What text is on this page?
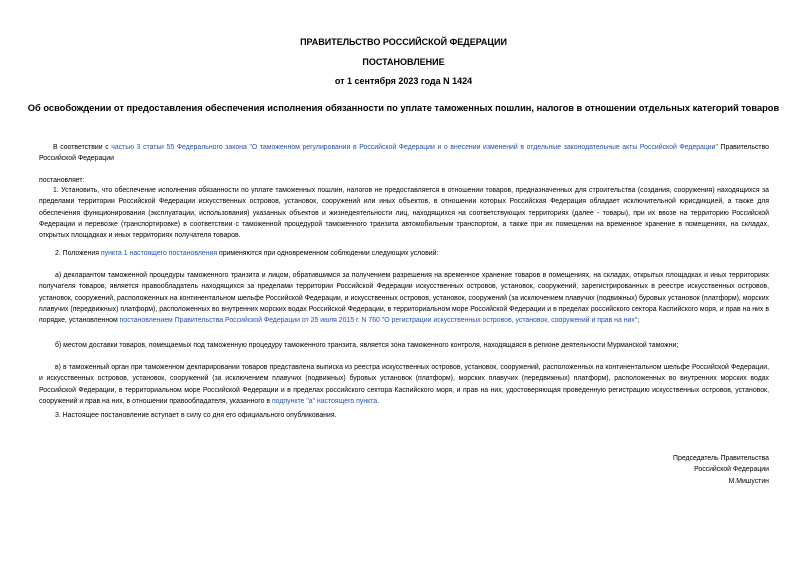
ПРАВИТЕЛЬСТВО РОССИЙСКОЙ ФЕДЕРАЦИИ
ПОСТАНОВЛЕНИЕ
от 1 сентября 2023 года N 1424
Об освобождении от предоставления обеспечения исполнения обязанности по уплате таможенных пошлин, налогов в отношении отдельных категорий товаров
В соответствии с частью 3 статьи 55 Федерального закона "О таможенном регулировании в Российской Федерации и о внесении изменений в отдельные законодательные акты Российской Федерации" Правительство Российской Федерации
постановляет:
1. Установить, что обеспечение исполнения обязанности по уплате таможенных пошлин, налогов не предоставляется в отношении товаров, предназначенных для строительства (создания, сооружения) находящихся за пределами территории Российской Федерации искусственных островов, установок, сооружений или иных объектов, в отношении которых Российская Федерация обладает исключительной юрисдикцией, а также для обеспечения функционирования (эксплуатации, использования) указанных объектов и жизнедеятельности лиц, находящихся на соответствующих территориях (далее - товары), при их ввозе на территорию Российской Федерации и перевозке (транспортировке) в соответствии с таможенной процедурой таможенного транзита автомобильным транспортом, а также при их помещении на временное хранение в помещениях, на складах, открытых площадках и иных территориях получателя товаров.
2. Положения пункта 1 настоящего постановления применяются при одновременном соблюдении следующих условий:
а) декларантом таможенной процедуры таможенного транзита и лицом, обратившимся за получением разрешения на временное хранение товаров в помещениях, на складах, открытых площадках и иных территориях получателя товаров, является правообладатель находящихся за пределами территории Российской Федерации искусственных островов, установок, сооружений, зарегистрированных в реестре искусственных островов, установок, сооружений, расположенных на континентальном шельфе Российской Федерации, и искусственных островов, установок, сооружений (за исключением плавучих (подвижных) буровых установок (платформ), морских плавучих (передвижных) платформ), расположенных во внутренних морских водах Российской Федерации, в территориальном море Российской Федерации и в пределах российского сектора Каспийского моря, и прав на них в порядке, установленном постановлением Правительства Российской Федерации от 25 июля 2015 г. N 760 "О регистрации искусственных островов, установок, сооружений и прав на них";
б) местом доставки товаров, помещаемых под таможенную процедуру таможенного транзита, является зона таможенного контроля, находящаяся в регионе деятельности Мурманской таможни;
в) в таможенный орган при таможенном декларировании товаров представлена выписка из реестра искусственных островов, установок, сооружений, расположенных на континентальном шельфе Российской Федерации, и искусственных островов, установок, сооружений (за исключением плавучих (подвижных) буровых установок (платформ), морских плавучих (передвижных) платформ), расположенных во внутренних морских водах Российской Федерации, в территориальном море Российской Федерации и в пределах российского сектора Каспийского моря, и прав на них, удостоверяющая проведенную регистрацию искусственных островов, установок, сооружений и прав на них, в отношении правообладателя, указанного в подпункте "а" настоящего пункта.
3. Настоящее постановление вступает в силу со дня его официального опубликования.
Председатель Правительства
Российской Федерации
М.Мишустин
